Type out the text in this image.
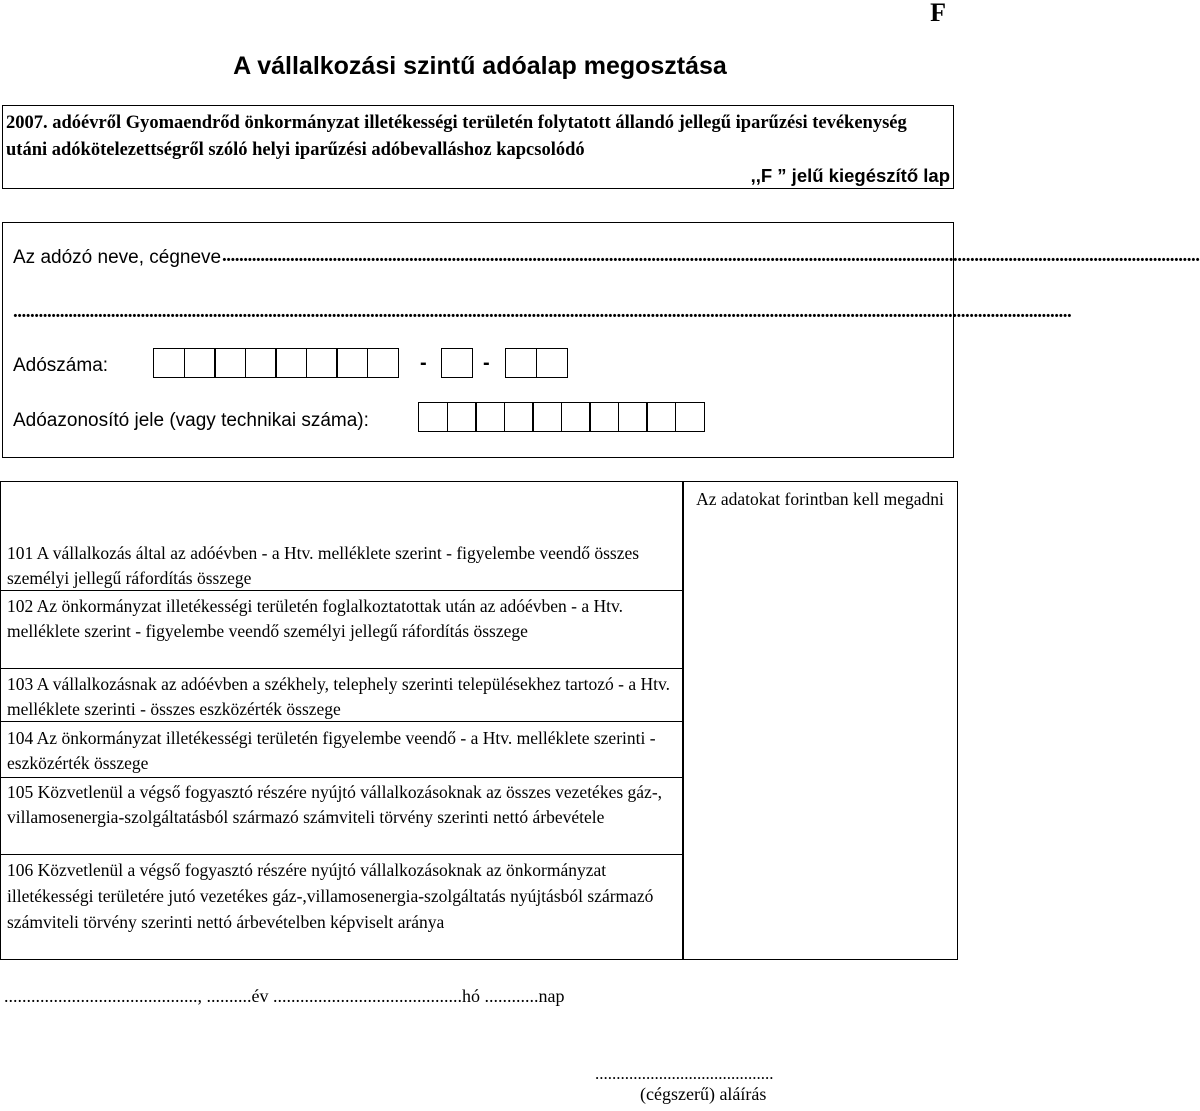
F
A vállalkozási szintű adóalap megosztása
2007. adóévről Gyomaendrőd önkormányzat illetékességi területén folytatott állandó jellegű iparűzési tevékenység utáni adókötelezettségről szóló helyi iparűzési adóbevalláshoz kapcsolódó
,,F ” jelű kiegészítő lap
Az adózó neve, cégneve ......................................................................................................................................................................................................................................
.........................................................................................................................................................................................................................................................
Adószáma:	-	-
Adóazonosító jele (vagy technikai száma):
Az adatokat forintban kell megadni
101 A vállalkozás által az adóévben - a Htv. melléklete szerint - figyelembe veendő összes személyi jellegű ráfordítás összege
102 Az önkormányzat illetékességi területén foglalkoztatottak után az adóévben - a Htv. melléklete szerint - figyelembe veendő személyi jellegű ráfordítás összege
103 A vállalkozásnak az adóévben a székhely, telephely szerinti településekhez tartozó - a Htv. melléklete szerinti - összes eszközérték összege
104 Az önkormányzat illetékességi területén figyelembe veendő - a Htv. melléklete szerinti - eszközérték összege
105 Közvetlenül a végső fogyasztó részére nyújtó vállalkozásoknak az összes vezetékes gáz-, villamosenergia-szolgáltatásból származó számviteli törvény szerinti nettó árbevétele
106 Közvetlenül a végső fogyasztó részére nyújtó vállalkozásoknak az önkormányzat illetékességi területére jutó vezetékes gáz-,villamosenergia-szolgáltatás nyújtásból származó számviteli törvény szerinti nettó árbevételben képviselt aránya
..........................................., ..........év ..........................................hó ............nap
..........................................
(cégszerű) aláírás
